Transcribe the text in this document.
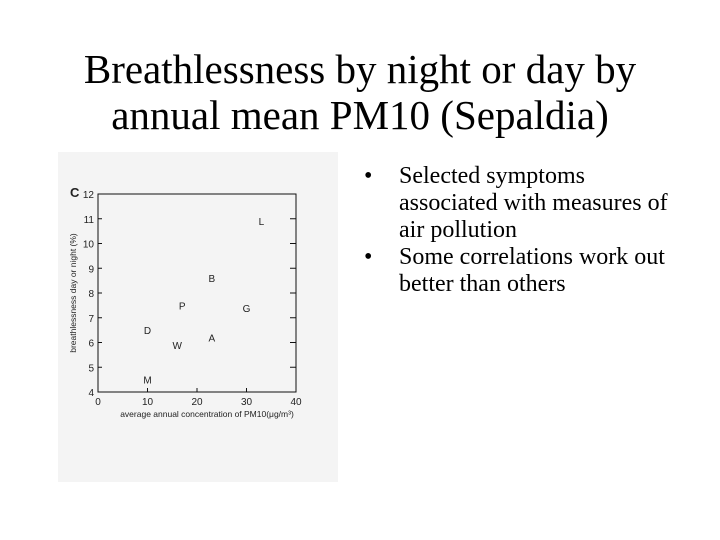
Breathlessness by night or day by
annual mean PM10 (Sepaldia)
C
4
5
6
7
8
9
10
11
12
0	10	20	30	40
average annual concentration of PM10(μg/m³)
breathlessness day or night (%)
L
B
P	G
D
A
W
M
• Selected symptoms associated with measures of air pollution
• Some correlations work out better than others
